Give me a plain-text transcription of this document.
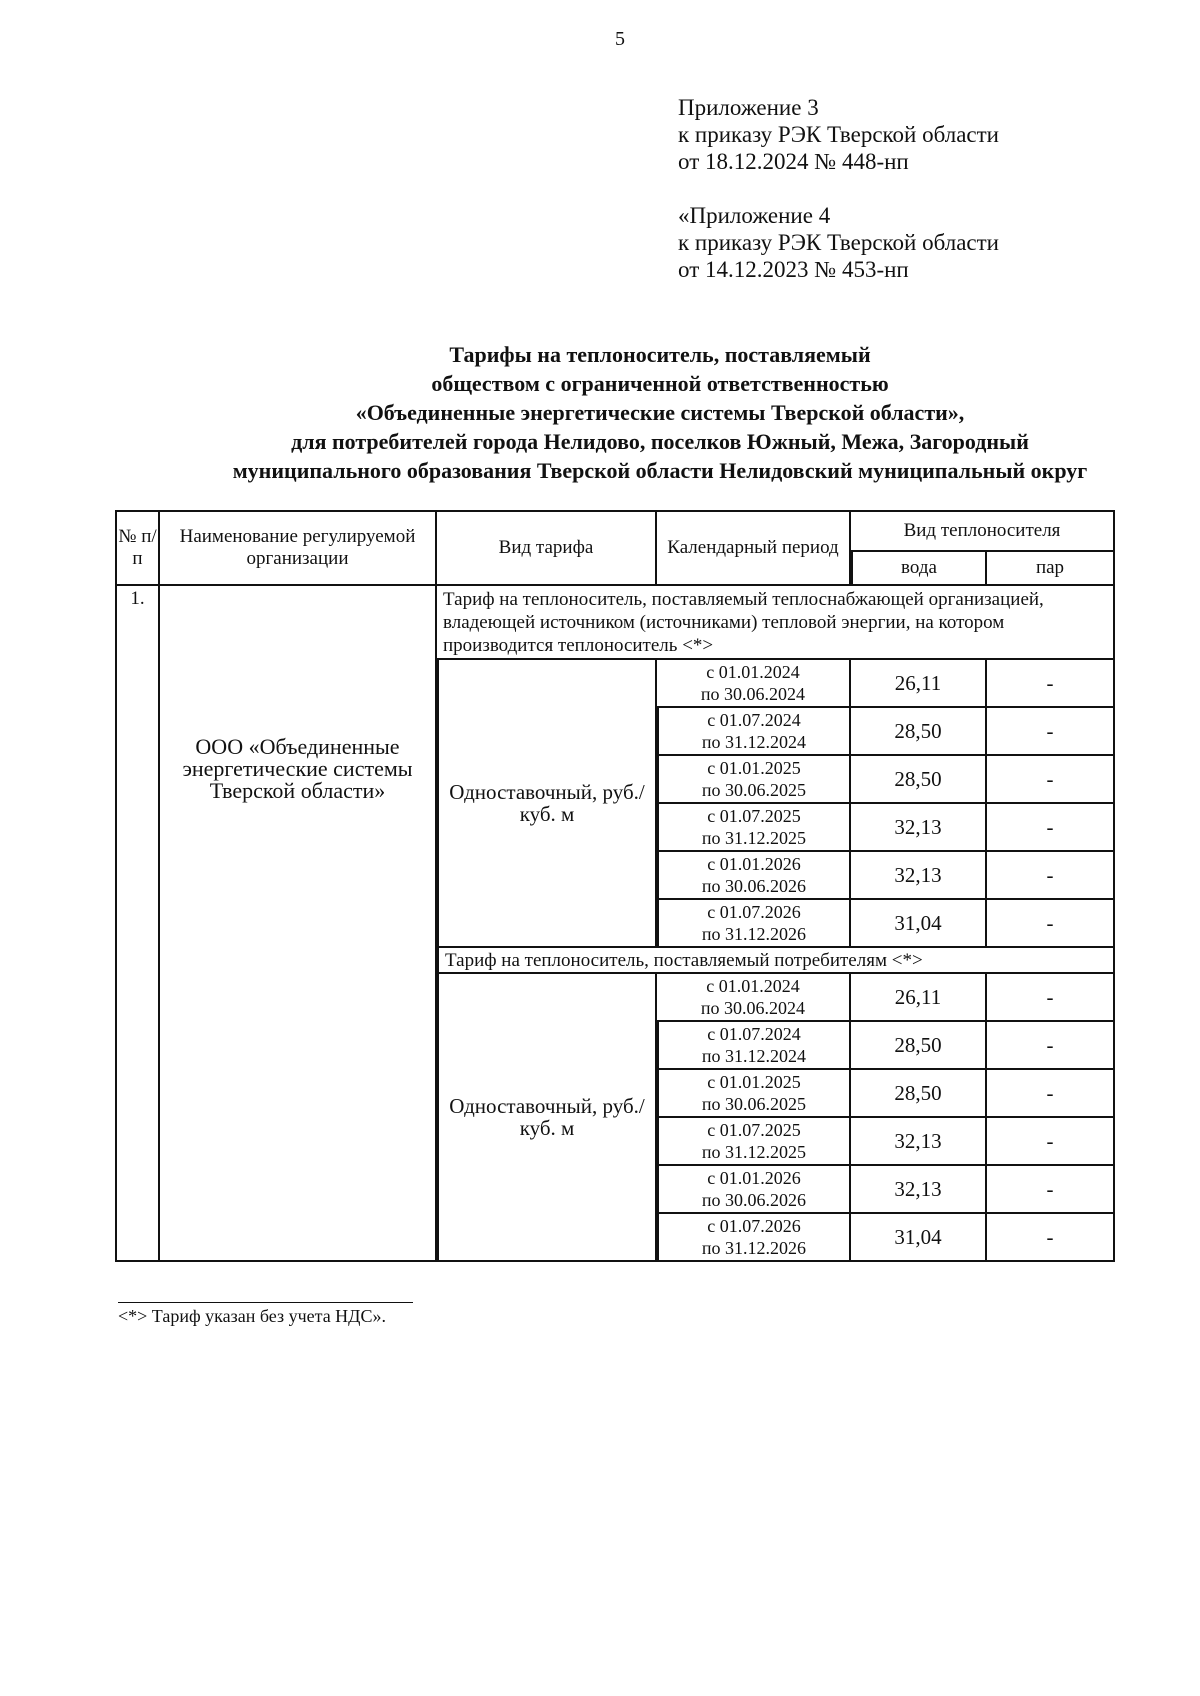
5
Приложение 3
к приказу РЭК Тверской области
от 18.12.2024 № 448-нп
«Приложение 4
к приказу РЭК Тверской области
от 14.12.2023 № 453-нп
Тарифы на теплоноситель, поставляемый
обществом с ограниченной ответственностью
«Объединенные энергетические системы Тверской области»,
для потребителей города Нелидово, поселков Южный, Межа, Загородный
муниципального образования Тверской области Нелидовский муниципальный округ
№ п/п	Наименование регулируемой организации	Вид тарифа	Календарный период	Вид теплоносителя	
				вода	пар
1.	ООО «Объединенные энергетические системы Тверской области»	Тариф на теплоноситель, поставляемый теплоснабжающей организацией, владеющей источником (источниками) тепловой энергии, на котором производится теплоноситель <*>			
		Одноставочный, руб./куб. м	с 01.01.2024
по 30.06.2024	26,11	-

			с 01.07.2024
по 31.12.2024	28,50	-

			с 01.01.2025
по 30.06.2025	28,50	-

			с 01.07.2025
по 31.12.2025	32,13	-

			с 01.01.2026
по 30.06.2026	32,13	-

			с 01.07.2026
по 31.12.2026	31,04	-
		Тариф на теплоноситель, поставляемый потребителям <*>			
		Одноставочный, руб./куб. м	с 01.01.2024
по 30.06.2024	26,11	-

			с 01.07.2024
по 31.12.2024	28,50	-

			с 01.01.2025
по 30.06.2025	28,50	-

			с 01.07.2025
по 31.12.2025	32,13	-

			с 01.01.2026
по 30.06.2026	32,13	-

			с 01.07.2026
по 31.12.2026	31,04	-
<*> Тариф указан без учета НДС».
